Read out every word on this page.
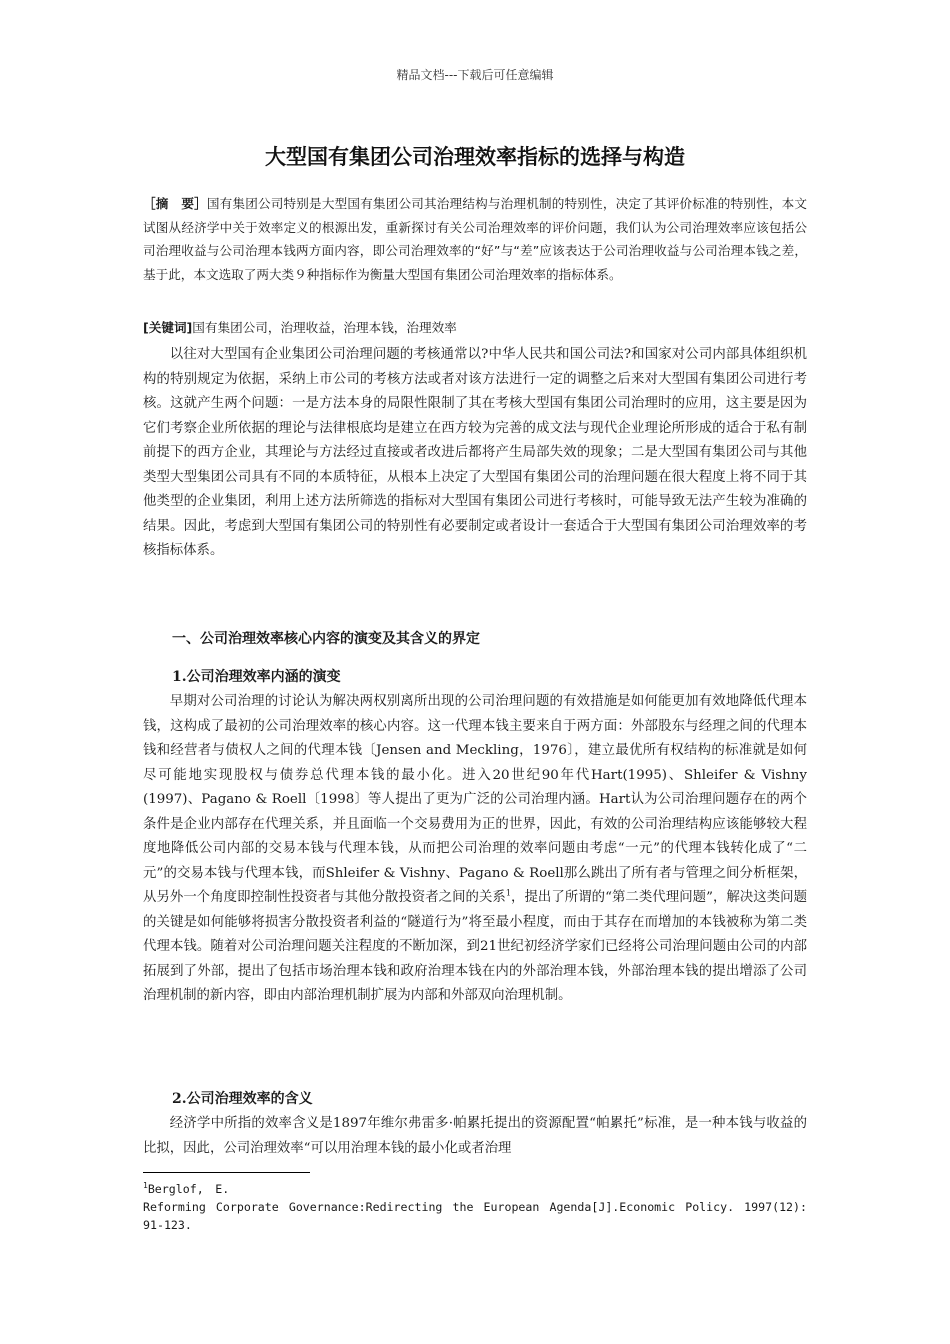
精品文档---下载后可任意编辑
大型国有集团公司治理效率指标的选择与构造
［摘　要］国有集团公司特别是大型国有集团公司其治理结构与治理机制的特别性，决定了其评价标准的特别性，本文试图从经济学中关于效率定义的根源出发，重新探讨有关公司治理效率的评价问题，我们认为公司治理效率应该包括公司治理收益与公司治理本钱两方面内容，即公司治理效率的“好”与“差”应该表达于公司治理收益与公司治理本钱之差，基于此，本文选取了两大类９种指标作为衡量大型国有集团公司治理效率的指标体系。
[关键词]国有集团公司，治理收益，治理本钱，治理效率

以往对大型国有企业集团公司治理问题的考核通常以?中华人民共和国公司法?和国家对公司内部具体组织机构的特别规定为依据，采纳上市公司的考核方法或者对该方法进行一定的调整之后来对大型国有集团公司进行考核。这就产生两个问题：一是方法本身的局限性限制了其在考核大型国有集团公司治理时的应用，这主要是因为它们考察企业所依据的理论与法律根底均是建立在西方较为完善的成文法与现代企业理论所形成的适合于私有制前提下的西方企业，其理论与方法经过直接或者改进后都将产生局部失效的现象；二是大型国有集团公司与其他类型大型集团公司具有不同的本质特征，从根本上决定了大型国有集团公司的治理问题在很大程度上将不同于其他类型的企业集团，利用上述方法所筛选的指标对大型国有集团公司进行考核时，可能导致无法产生较为准确的结果。因此，考虑到大型国有集团公司的特别性有必要制定或者设计一套适合于大型国有集团公司治理效率的考核指标体系。

一、公司治理效率核心内容的演变及其含义的界定
1.公司治理效率内涵的演变

早期对公司治理的讨论认为解决两权别离所出现的公司治理问题的有效措施是如何能更加有效地降低代理本钱，这构成了最初的公司治理效率的核心内容。这一代理本钱主要来自于两方面：外部股东与经理之间的代理本钱和经营者与债权人之间的代理本钱〔Jensen and Meckling，1976〕，建立最优所有权结构的标准就是如何尽可能地实现股权与债券总代理本钱的最小化。进入20世纪90年代Hart(1995)、Shleifer & Vishny (1997)、Pagano & Roell〔1998〕等人提出了更为广泛的公司治理内涵。Hart认为公司治理问题存在的两个条件是企业内部存在代理关系，并且面临一个交易费用为正的世界，因此，有效的公司治理结构应该能够较大程度地降低公司内部的交易本钱与代理本钱，从而把公司治理的效率问题由考虑“一元”的代理本钱转化成了“二元”的交易本钱与代理本钱，而Shleifer & Vishny、Pagano & Roell那么跳出了所有者与管理之间分析框架，从另外一个角度即控制性投资者与其他分散投资者之间的关系$^1$，提出了所谓的“第二类代理问题”，解决这类问题的关键是如何能够将损害分散投资者利益的“隧道行为”将至最小程度，而由于其存在而增加的本钱被称为第二类代理本钱。随着对公司治理问题关注程度的不断加深，到21世纪初经济学家们已经将公司治理问题由公司的内部拓展到了外部，提出了包括市场治理本钱和政府治理本钱在内的外部治理本钱，外部治理本钱的提出增添了公司治理机制的新内容，即由内部治理机制扩展为内部和外部双向治理机制。

2.公司治理效率的含义

经济学中所指的效率含义是1897年维尔弗雷多·帕累托提出的资源配置“帕累托”标准，是一种本钱与收益的比拟，因此，公司治理效率“可以用治理本钱的最小化或者治理

$^1$Berglof,　E.
Reforming Corporate Governance:Redirecting the European Agenda[J].Economic Policy. 1997(12): 91-123.
